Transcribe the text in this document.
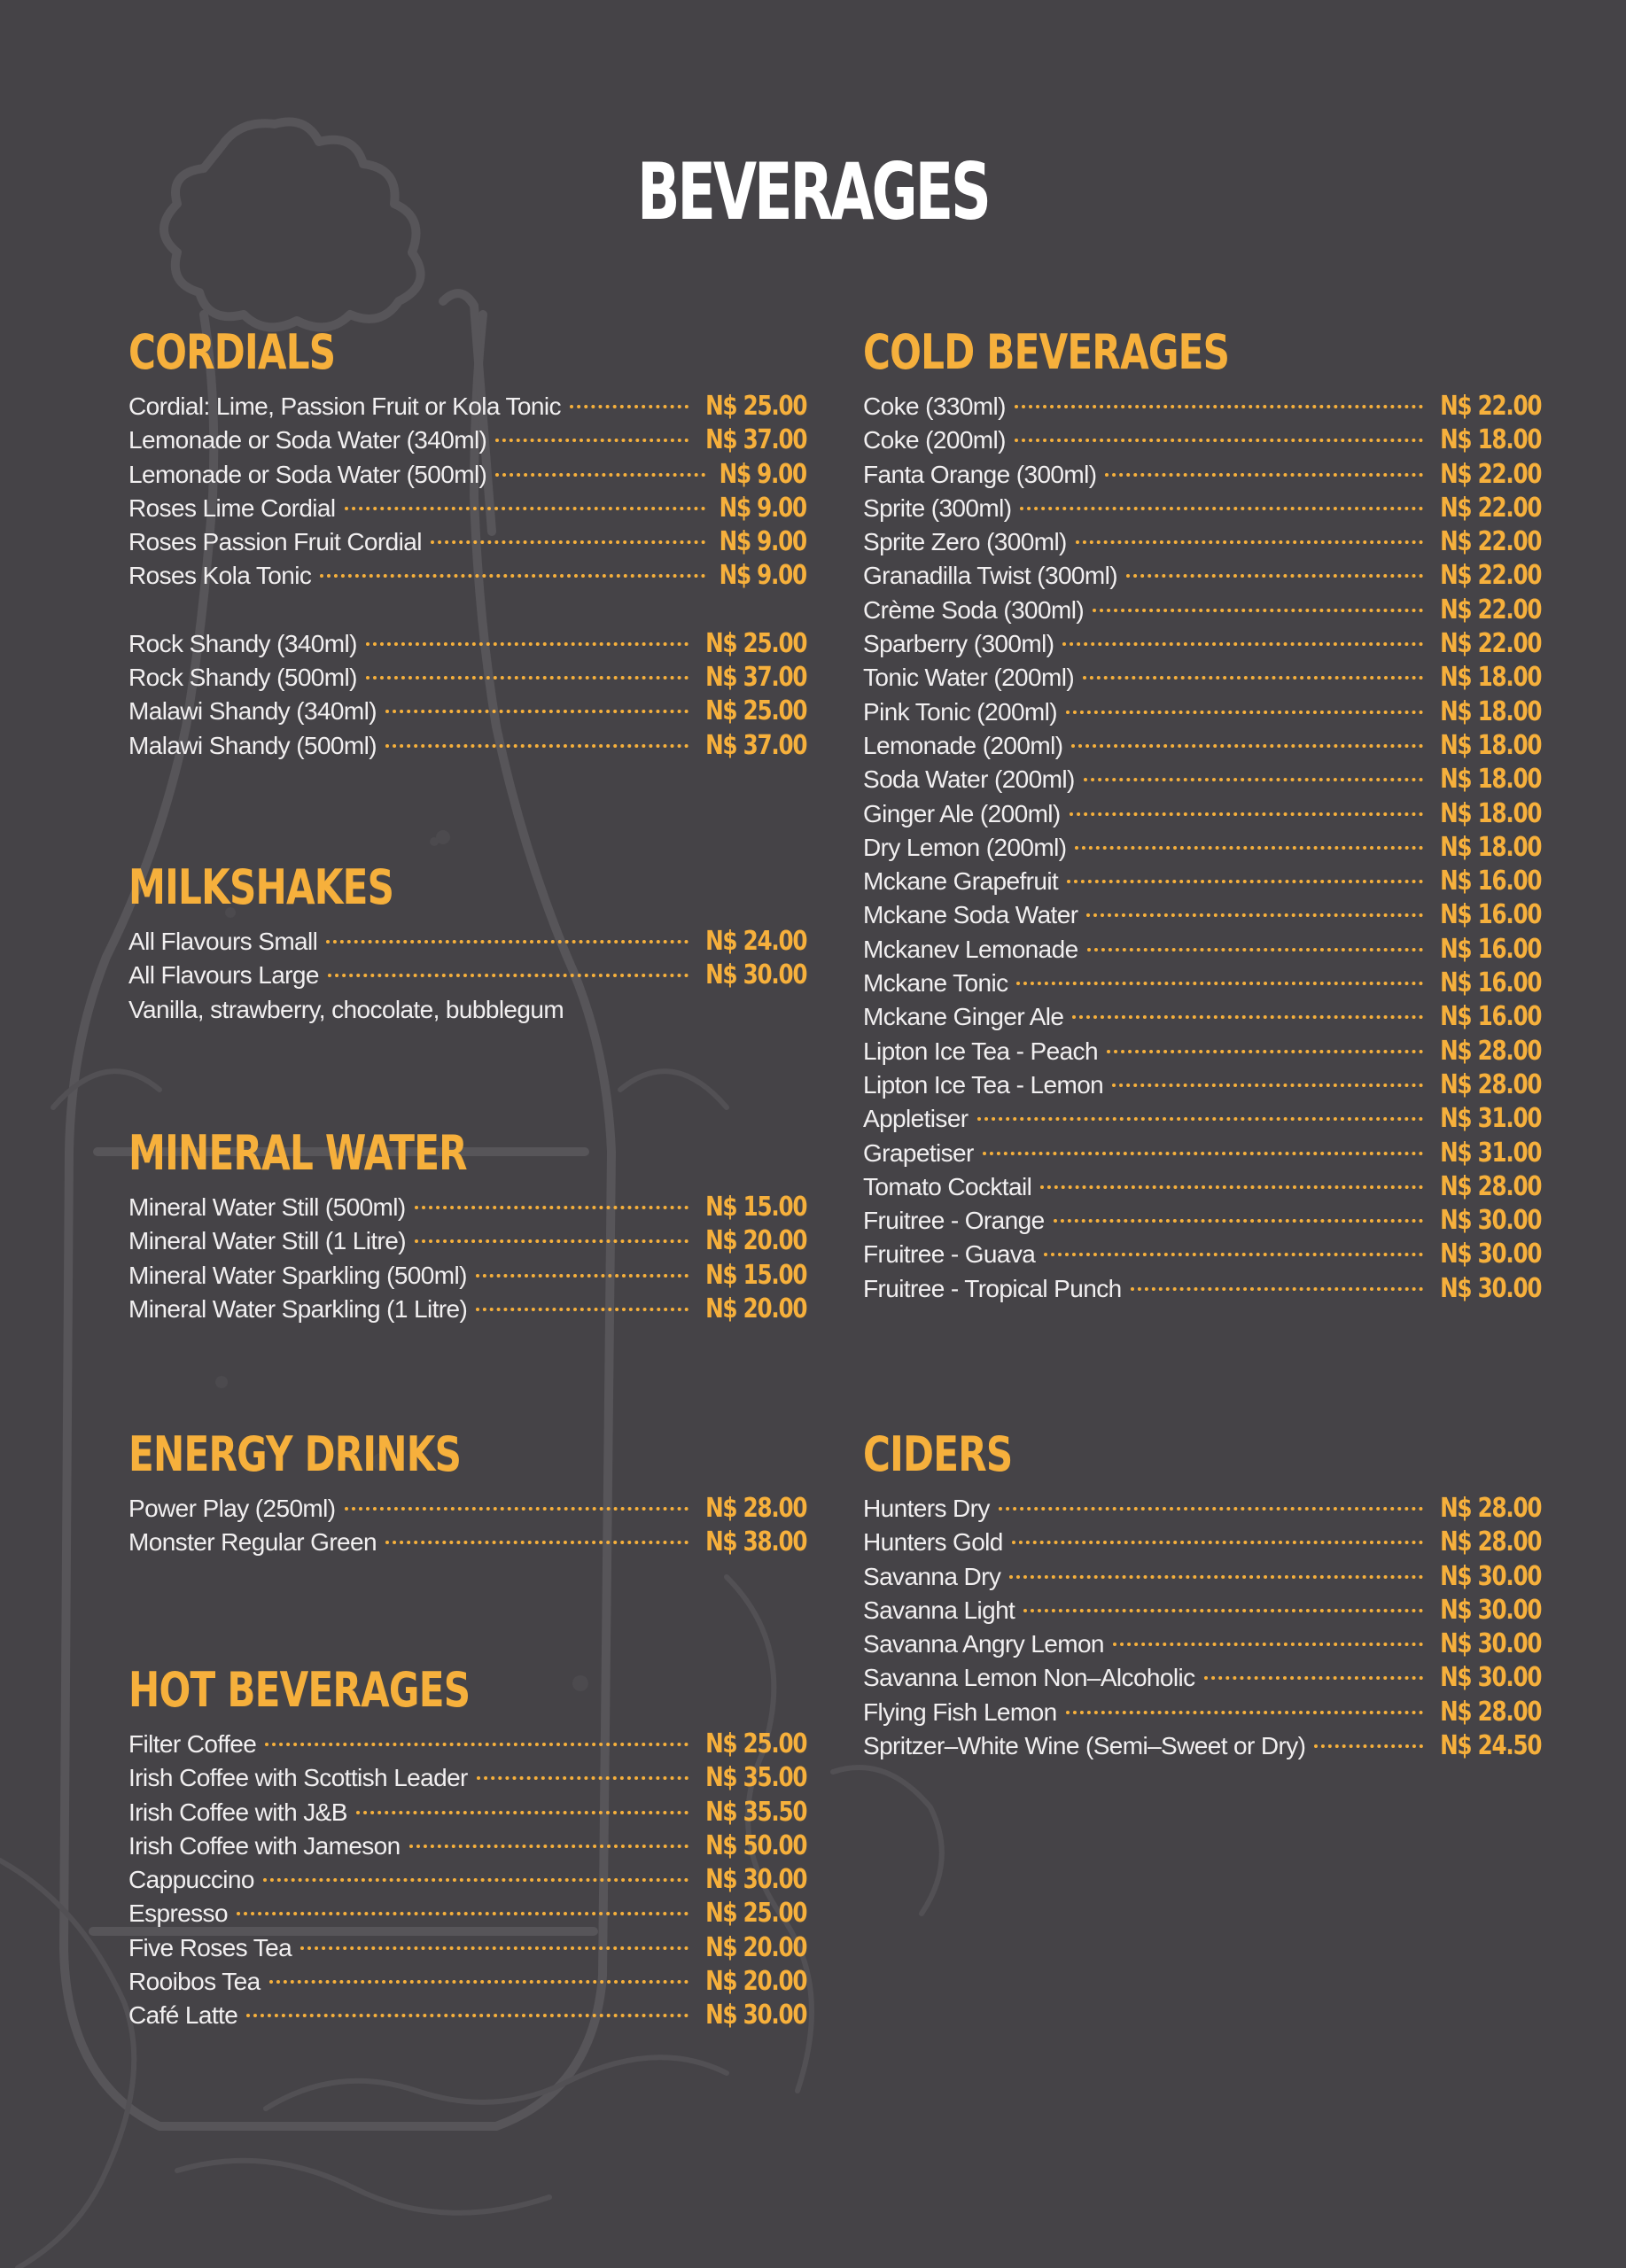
BEVERAGES
CORDIALS
Cordial: Lime, Passion Fruit or Kola Tonic	N$ 25.00
Lemonade or Soda Water (340ml)	N$ 37.00
Lemonade or Soda Water (500ml)	N$ 9.00
Roses Lime Cordial	N$ 9.00
Roses Passion Fruit Cordial	N$ 9.00
Roses Kola Tonic	N$ 9.00
Rock Shandy (340ml)	N$ 25.00
Rock Shandy (500ml)	N$ 37.00
Malawi Shandy (340ml)	N$ 25.00
Malawi Shandy (500ml)	N$ 37.00
MILKSHAKES
All Flavours Small	N$ 24.00
All Flavours Large	N$ 30.00
Vanilla, strawberry, chocolate, bubblegum
MINERAL WATER
Mineral Water Still (500ml)	N$ 15.00
Mineral Water Still (1 Litre)	N$ 20.00
Mineral Water Sparkling (500ml)	N$ 15.00
Mineral Water Sparkling (1 Litre)	N$ 20.00
ENERGY DRINKS
Power Play (250ml)	N$ 28.00
Monster Regular Green	N$ 38.00
HOT BEVERAGES
Filter Coffee	N$ 25.00
Irish Coffee with Scottish Leader	N$ 35.00
Irish Coffee with J&B	N$ 35.50
Irish Coffee with Jameson	N$ 50.00
Cappuccino	N$ 30.00
Espresso	N$ 25.00
Five Roses Tea	N$ 20.00
Rooibos Tea	N$ 20.00
Café Latte	N$ 30.00
COLD BEVERAGES
Coke (330ml)	N$ 22.00
Coke (200ml)	N$ 18.00
Fanta Orange (300ml)	N$ 22.00
Sprite (300ml)	N$ 22.00
Sprite Zero (300ml)	N$ 22.00
Granadilla Twist (300ml)	N$ 22.00
Crème Soda (300ml)	N$ 22.00
Sparberry (300ml)	N$ 22.00
Tonic Water (200ml)	N$ 18.00
Pink Tonic (200ml)	N$ 18.00
Lemonade (200ml)	N$ 18.00
Soda Water (200ml)	N$ 18.00
Ginger Ale (200ml)	N$ 18.00
Dry Lemon (200ml)	N$ 18.00
Mckane Grapefruit	N$ 16.00
Mckane Soda Water	N$ 16.00
Mckanev Lemonade	N$ 16.00
Mckane Tonic	N$ 16.00
Mckane Ginger Ale	N$ 16.00
Lipton Ice Tea - Peach	N$ 28.00
Lipton Ice Tea - Lemon	N$ 28.00
Appletiser	N$ 31.00
Grapetiser	N$ 31.00
Tomato Cocktail	N$ 28.00
Fruitree - Orange	N$ 30.00
Fruitree - Guava	N$ 30.00
Fruitree - Tropical Punch	N$ 30.00
CIDERS
Hunters Dry	N$ 28.00
Hunters Gold	N$ 28.00
Savanna Dry	N$ 30.00
Savanna Light	N$ 30.00
Savanna Angry Lemon	N$ 30.00
Savanna Lemon Non–Alcoholic	N$ 30.00
Flying Fish Lemon	N$ 28.00
Spritzer–White Wine (Semi–Sweet or Dry)	N$ 24.50
